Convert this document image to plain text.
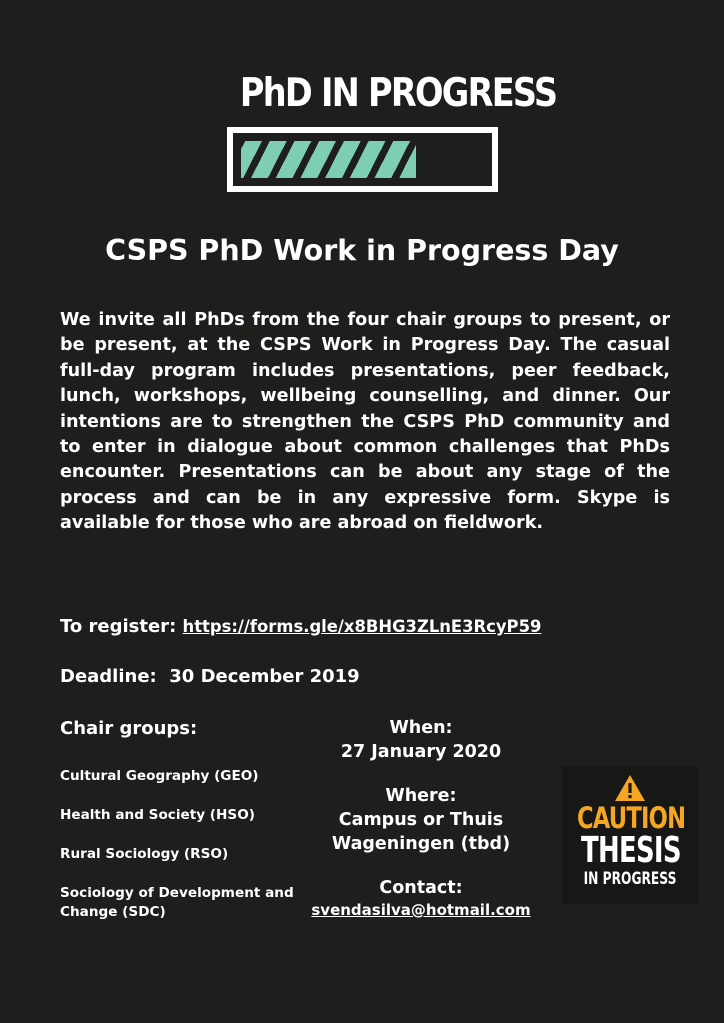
PhD IN PROGRESS
CSPS PhD Work in Progress Day

We invite all PhDs from the four chair groups to present, or be present, at the CSPS Work in Progress Day. The casual full-day program includes presentations, peer feedback, lunch, workshops, wellbeing counselling, and dinner. Our intentions are to strengthen the CSPS PhD community and to enter in dialogue about common challenges that PhDs encounter. Presentations can be about any stage of the process and can be in any expressive form. Skype is available for those who are abroad on fieldwork.

To register: https://forms.gle/x8BHG3ZLnE3RcyP59
Deadline:  30 December 2019
Chair groups:

Cultural Geography (GEO)

Health and Society (HSO)

Rural Sociology (RSO)

Sociology of Development and Change (SDC)

When:
27 January 2020
Where:
Campus or Thuis
Wageningen (tbd)
Contact:
svendasilva@hotmail.com
CAUTION
THESIS
IN PROGRESS
